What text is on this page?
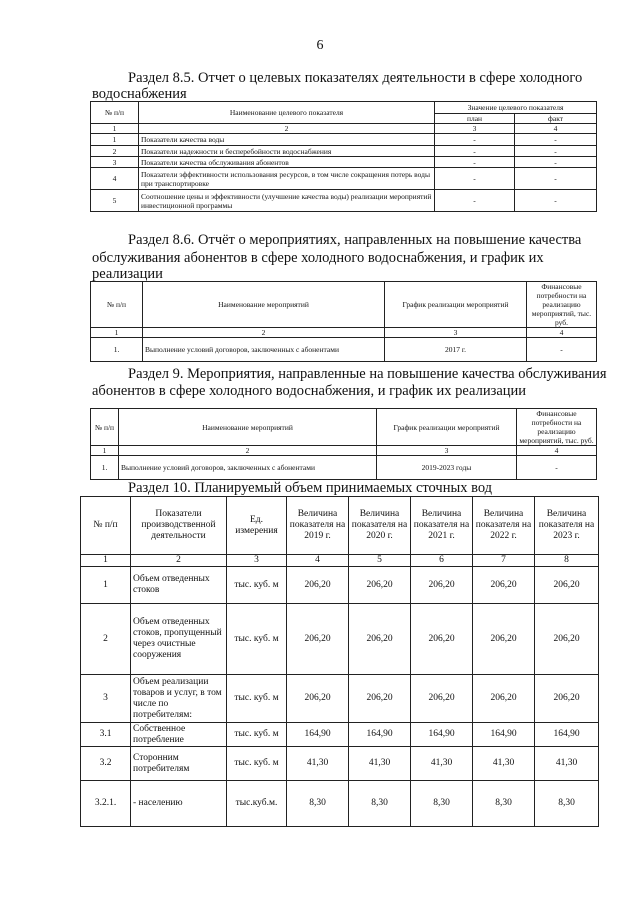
6
Раздел 8.5. Отчет о целевых показателях деятельности в сфере холодного
водоснабжения
№ п/п	Наименование целевого показателя	Значение целевого показателя	
		план	факт
1	2	3	4
1	Показатели качества воды	-	-
2	Показатели надежности и бесперебойности водоснабжения	-	-
3	Показатели качества обслуживания абонентов	-	-
4	Показатели эффективности использования ресурсов, в том числе сокращения потерь воды при транспортировке	-	-
5	Соотношение цены и эффективности (улучшение качества воды) реализации мероприятий инвестиционной программы	-	-
Раздел 8.6. Отчёт о мероприятиях, направленных на повышение качества
обслуживания абонентов в сфере холодного водоснабжения, и график их
реализации
№ п/п	Наименование мероприятий	График реализации мероприятий	Финансовые потребности на реализацию мероприятий, тыс. руб.
1	2	3	4
1.	Выполнение условий договоров, заключенных с абонентами	2017 г.	-
Раздел 9. Мероприятия, направленные на повышение качества обслуживания
абонентов в сфере холодного водоснабжения, и график их реализации
№ п/п	Наименование мероприятий	График реализации мероприятий	Финансовые потребности на реализацию мероприятий, тыс. руб.
1	2	3	4
1.	Выполнение условий договоров, заключенных с абонентами	2019-2023 годы	-
Раздел 10. Планируемый объем принимаемых сточных вод
№ п/п	Показатели производственной деятельности	Ед. измерения	Величина показателя на 2019 г.	Величина показателя на 2020 г.	Величина показателя на 2021 г.	Величина показателя на 2022 г.	Величина показателя на 2023 г.
1	2	3	4	5	6	7	8
1	Объем отведенных стоков	тыс. куб. м	206,20	206,20	206,20	206,20	206,20
2	Объем отведенных стоков, пропущенный через очистные сооружения	тыс. куб. м	206,20	206,20	206,20	206,20	206,20
3	Объем реализации товаров и услуг, в том числе по потребителям:	тыс. куб. м	206,20	206,20	206,20	206,20	206,20
3.1	Собственное потребление	тыс. куб. м	164,90	164,90	164,90	164,90	164,90
3.2	Сторонним потребителям	тыс. куб. м	41,30	41,30	41,30	41,30	41,30
3.2.1.	- населению	тыс.куб.м.	8,30	8,30	8,30	8,30	8,30
